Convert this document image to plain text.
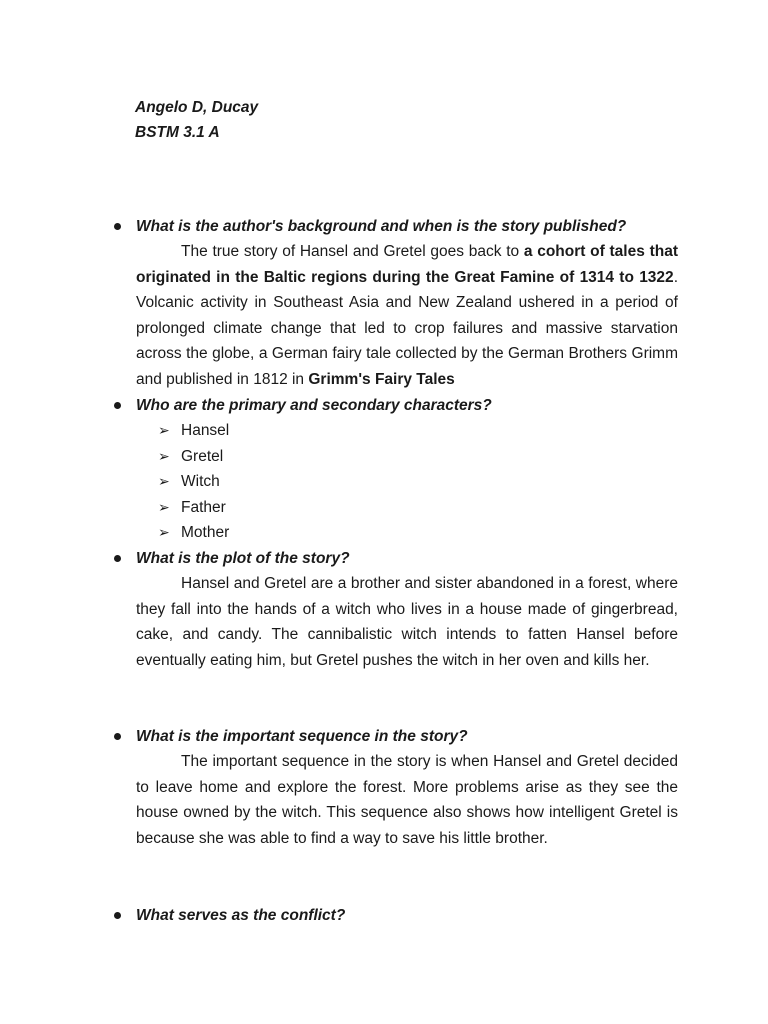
Angelo D, Ducay
BSTM 3.1 A
What is the author's background and when is the story published?
The true story of Hansel and Gretel goes back to a cohort of tales that originated in the Baltic regions during the Great Famine of 1314 to 1322. Volcanic activity in Southeast Asia and New Zealand ushered in a period of prolonged climate change that led to crop failures and massive starvation across the globe, a German fairy tale collected by the German Brothers Grimm and published in 1812 in Grimm's Fairy Tales
Who are the primary and secondary characters?
➢ Hansel
➢ Gretel
➢ Witch
➢ Father
➢ Mother
What is the plot of the story?
Hansel and Gretel are a brother and sister abandoned in a forest, where they fall into the hands of a witch who lives in a house made of gingerbread, cake, and candy. The cannibalistic witch intends to fatten Hansel before eventually eating him, but Gretel pushes the witch in her oven and kills her.
What is the important sequence in the story?
The important sequence in the story is when Hansel and Gretel decided to leave home and explore the forest. More problems arise as they see the house owned by the witch. This sequence also shows how intelligent Gretel is because she was able to find a way to save his little brother.
What serves as the conflict?
